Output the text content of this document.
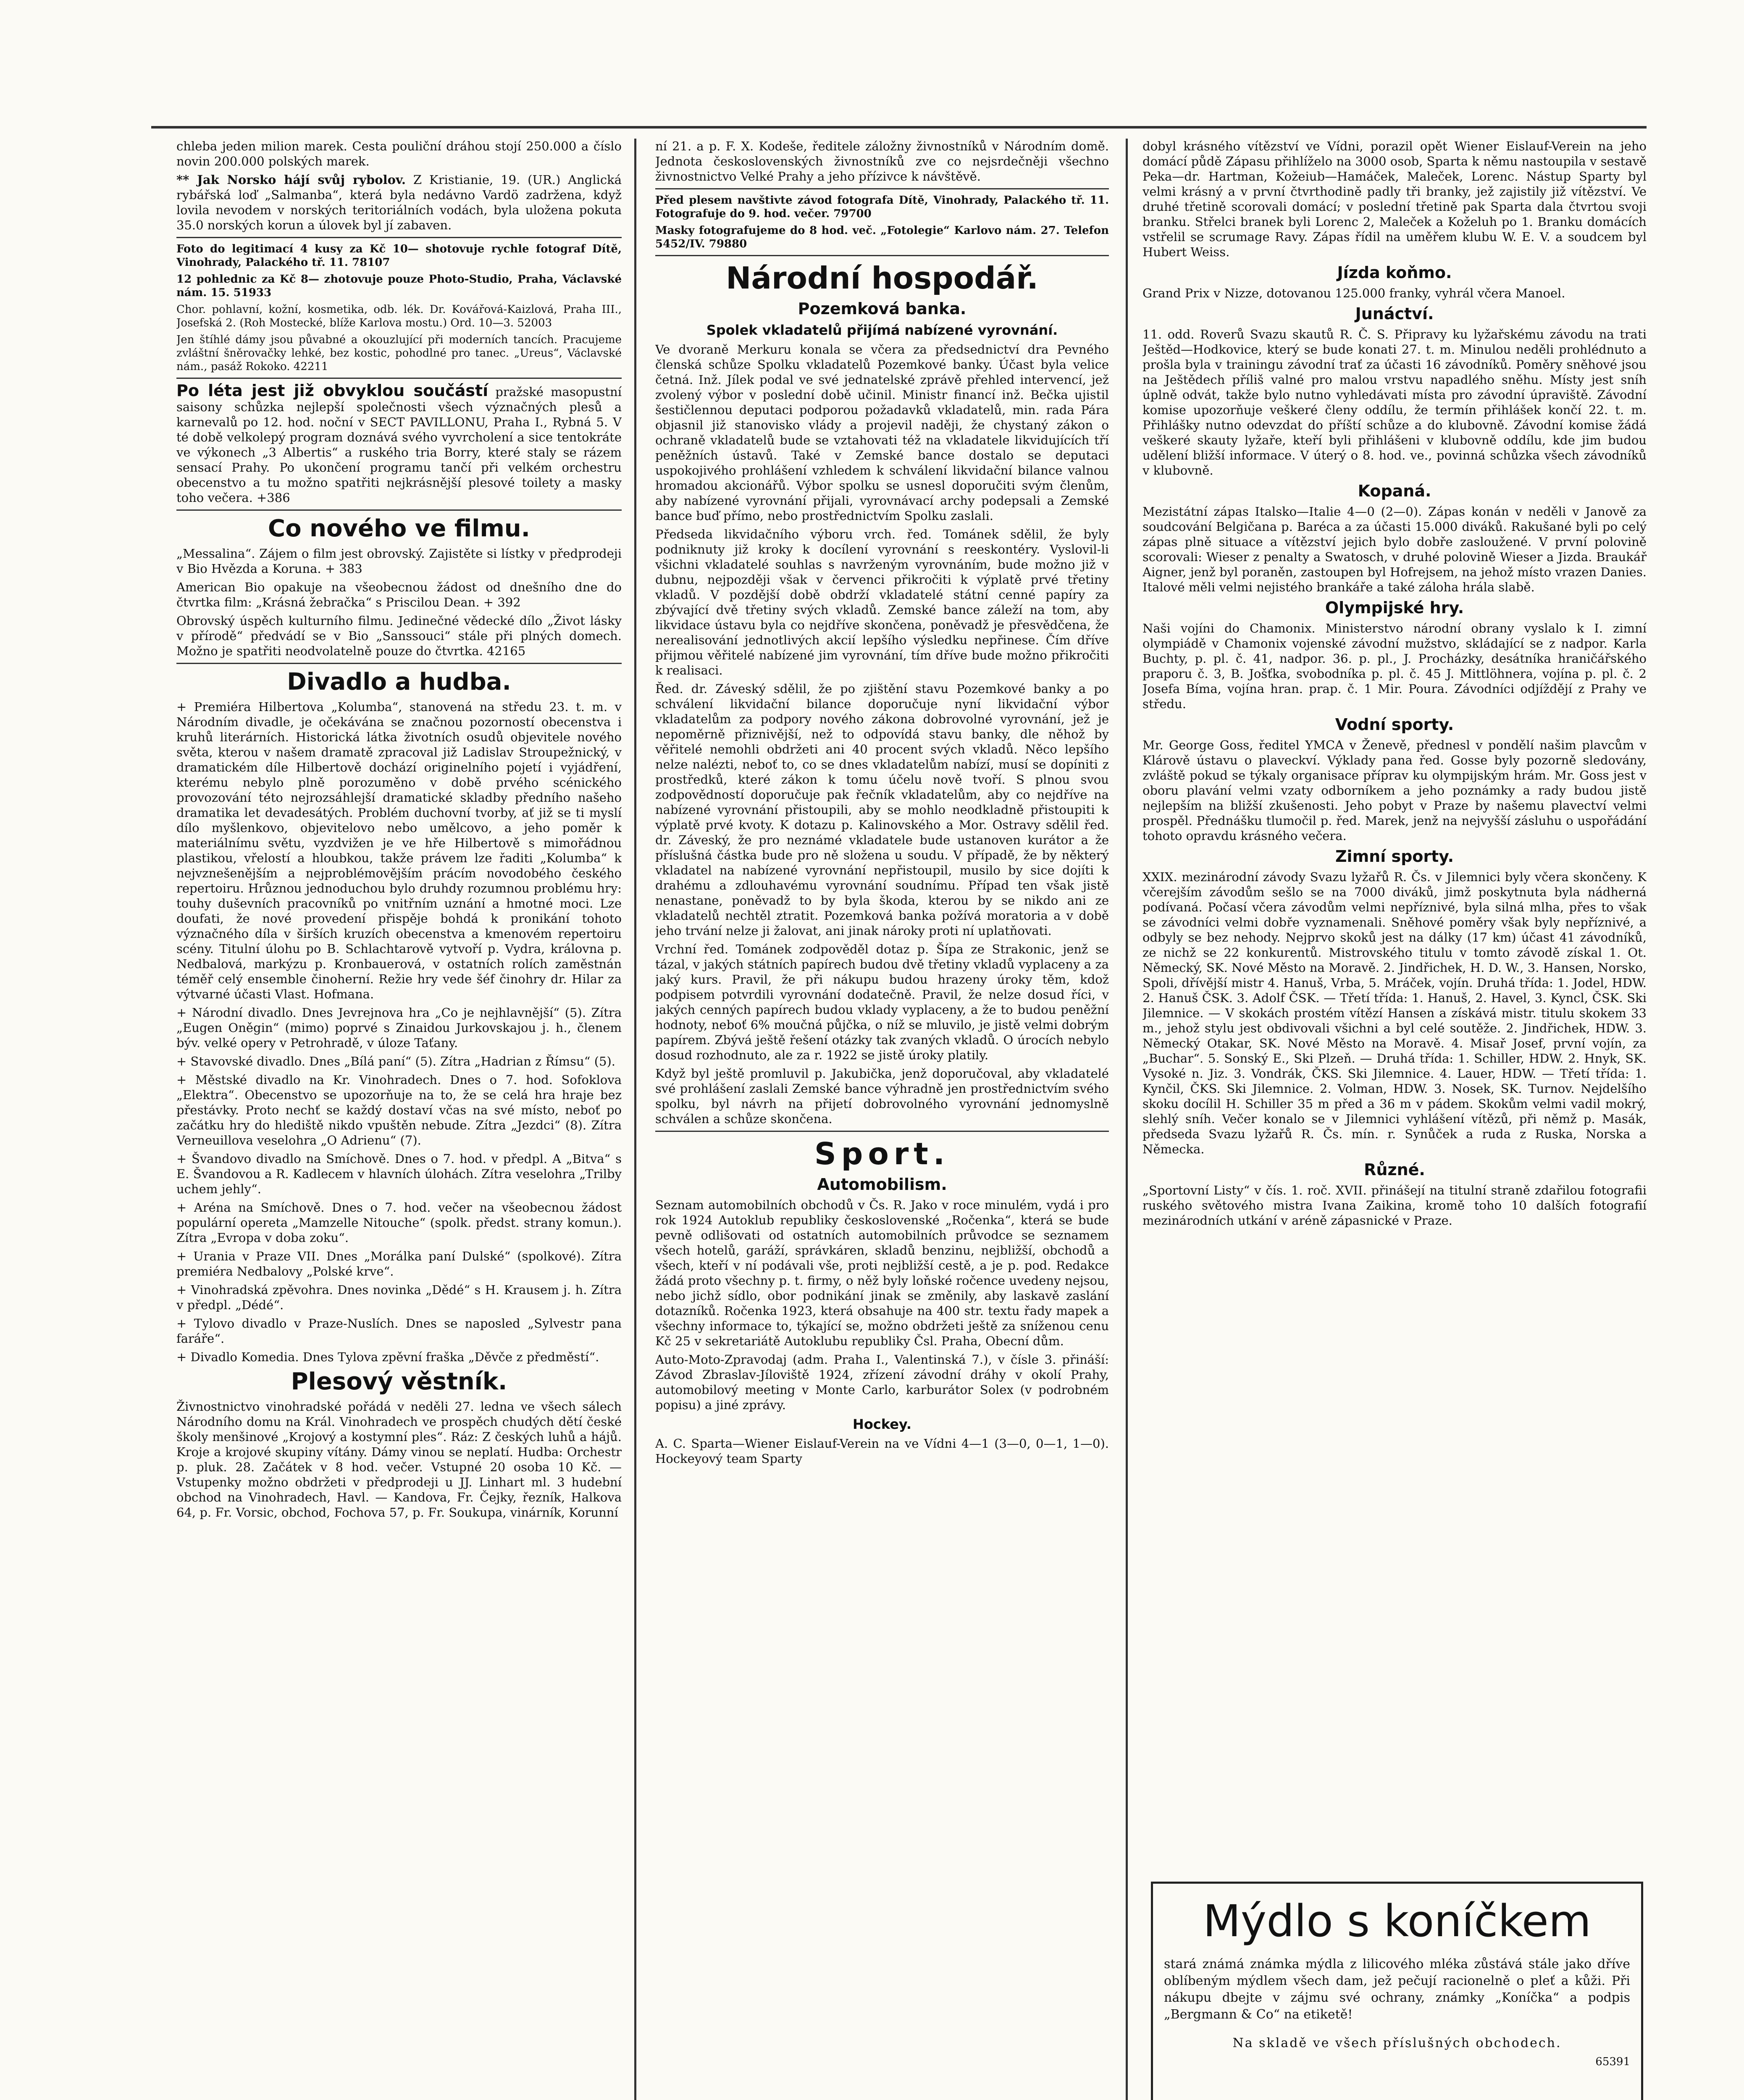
chleba jeden milion marek. Cesta pouliční dráhou stojí 250.000 a číslo novin 200.000 polských marek.

** Jak Norsko hájí svůj rybolov. Z Kristianie, 19. (UR.) Anglická rybářská loď „Salmanba“, která byla nedávno Vardö zadržena, když lovila nevodem v norských teritoriálních vodách, byla uložena pokuta 35.0 norských korun a úlovek byl jí zabaven.

Foto do legitimací 4 kusy za Kč 10— shotovuje rychle fotograf Dítě, Vinohrady, Palackého tř. 11. 78107

12 pohlednic za Kč 8— zhotovuje pouze Photo-Studio, Praha, Václavské nám. 15. 51933

Chor. pohlavní, kožní, kosmetika, odb. lék. Dr. Kovářová-Kaizlová, Praha III., Josefská 2. (Roh Mostecké, blíže Karlova mostu.) Ord. 10—3. 52003

Jen štíhlé dámy jsou půvabné a okouzlující při moderních tancích. Pracujeme zvláštní šněrovačky lehké, bez kostic, pohodlné pro tanec. „Ureus“, Václavské nám., pasáž Rokoko. 42211

Po léta jest již obvyklou součástí pražské masopustní saisony schůzka nejlepší společnosti všech význačných plesů a karnevalů po 12. hod. noční v SECT PAVILLONU, Praha I., Rybná 5. V té době velkolepý program doznává svého vyvrcholení a sice tentokráte ve výkonech „3 Albertis“ a ruského tria Borry, které staly se rázem sensací Prahy. Po ukončení programu tančí při velkém orchestru obecenstvo a tu možno spatřiti nejkrásnější plesové toilety a masky toho večera. +386

Co nového ve filmu.

„Messalina“. Zájem o film jest obrovský. Zajistěte si lístky v předprodeji v Bio Hvězda a Koruna. + 383

American Bio opakuje na všeobecnou žádost od dnešního dne do čtvrtka film: „Krásná žebračka“ s Priscilou Dean. + 392

Obrovský úspěch kulturního filmu. Jedinečné vědecké dílo „Život lásky v přírodě“ předvádí se v Bio „Sanssouci“ stále při plných domech. Možno je spatřiti neodvolatelně pouze do čtvrtka. 42165

Divadlo a hudba.

+ Premiéra Hilbertova „Kolumba“, stanovená na středu 23. t. m. v Národním divadle, je očekávána se značnou pozorností obecenstva i kruhů literárních. Historická látka životních osudů objevitele nového světa, kterou v našem dramatě zpracoval již Ladislav Stroupežnický, v dramatickém díle Hilbertově dochází originelního pojetí i vyjádření, kterému nebylo plně porozuměno v době prvého scénického provozování této nejrozsáhlejší dramatické skladby předního našeho dramatika let devadesátých. Problém duchovní tvorby, ať již se ti myslí dílo myšlenkovo, objevitelovo nebo umělcovo, a jeho poměr k materiálnímu světu, vyzdvižen je ve hře Hilbertově s mimořádnou plastikou, vřelostí a hloubkou, takže právem lze řaditi „Kolumba“ k nejvznešenějším a nejproblémovějším prácím novodobého českého repertoiru. Hrůznou jednoduchou bylo druhdy rozumnou problému hry: touhy duševních pracovníků po vnitřním uznání a hmotné moci. Lze doufati, že nové provedení přispěje bohdá k pronikání tohoto význačného díla v širších kruzích obecenstva a kmenovém repertoiru scény. Titulní úlohu po B. Schlachtarově vytvoří p. Vydra, královna p. Nedbalová, markýzu p. Kronbauerová, v ostatních rolích zaměstnán téměř celý ensemble činoherní. Režie hry vede šéf činohry dr. Hilar za výtvarné účasti Vlast. Hofmana.

+ Národní divadlo. Dnes Jevrejnova hra „Co je nejhlavnější“ (5). Zítra „Eugen Oněgin“ (mimo) poprvé s Zinaidou Jurkovskajou j. h., členem býv. velké opery v Petrohradě, v úloze Taťany.

+ Stavovské divadlo. Dnes „Bílá paní“ (5). Zítra „Hadrian z Římsu“ (5).

+ Městské divadlo na Kr. Vinohradech. Dnes o 7. hod. Sofoklova „Elektra“. Obecenstvo se upozorňuje na to, že se celá hra hraje bez přestávky. Proto nechť se každý dostaví včas na své místo, neboť po začátku hry do hlediště nikdo vpuštěn nebude. Zítra „Jezdci“ (8). Zítra Verneuillova veselohra „O Adrienu“ (7).

+ Švandovo divadlo na Smíchově. Dnes o 7. hod. v předpl. A „Bitva“ s E. Švandovou a R. Kadlecem v hlavních úlohách. Zítra veselohra „Trilby uchem jehly“.

+ Aréna na Smíchově. Dnes o 7. hod. večer na všeobecnou žádost populární opereta „Mamzelle Nitouche“ (spolk. předst. strany komun.). Zítra „Evropa v doba zoku“.

+ Urania v Praze VII. Dnes „Morálka paní Dulské“ (spolkové). Zítra premiéra Nedbalovy „Polské krve“.

+ Vinohradská zpěvohra. Dnes novinka „Dědé“ s H. Krausem j. h. Zítra v předpl. „Dédé“.

+ Tylovo divadlo v Praze-Nuslích. Dnes se naposled „Sylvestr pana faráře“.

+ Divadlo Komedia. Dnes Tylova zpěvní fraška „Děvče z předměstí“.

Plesový věstník.

Živnostnictvo vinohradské pořádá v neděli 27. ledna ve všech sálech Národního domu na Král. Vinohradech ve prospěch chudých dětí české školy menšinové „Krojový a kostymní ples“. Ráz: Z českých luhů a hájů. Kroje a krojové skupiny vítány. Dámy vinou se neplatí. Hudba: Orchestr p. pluk. 28. Začátek v 8 hod. večer. Vstupné 20 osoba 10 Kč. — Vstupenky možno obdržeti v předprodeji u JJ. Linhart ml. 3 hudební obchod na Vinohradech, Havl. — Kandova, Fr. Čejky, řezník, Halkova 64, p. Fr. Vorsic, obchod, Fochova 57, p. Fr. Soukupa, vinárník, Korunní

ní 21. a p. F. X. Kodeše, ředitele záložny živnostníků v Národním domě. Jednota československých živnostníků zve co nejsrdečněji všechno živnostnictvo Velké Prahy a jeho přízivce k návštěvě.

Před plesem navštivte závod fotografa Dítě, Vinohrady, Palackého tř. 11. Fotografuje do 9. hod. večer. 79700

Masky fotografujeme do 8 hod. več. „Fotolegie“ Karlovo nám. 27. Telefon 5452/IV. 79880

Národní hospodář.
Pozemková banka.
Spolek vkladatelů přijímá nabízené vyrovnání.

Ve dvoraně Merkuru konala se včera za předsednictví dra Pevného členská schůze Spolku vkladatelů Pozemkové banky. Účast byla velice četná. Inž. Jílek podal ve své jednatelské zprávě přehled intervencí, jež zvolený výbor v poslední době učinil. Ministr financí inž. Bečka ujistil šestičlennou deputaci podporou požadavků vkladatelů, min. rada Pára objasnil již stanovisko vlády a projevil naději, že chystaný zákon o ochraně vkladatelů bude se vztahovati též na vkladatele likvidujících tří peněžních ústavů. Také v Zemské bance dostalo se deputaci uspokojivého prohlášení vzhledem k schválení likvidační bilance valnou hromadou akcionářů. Výbor spolku se usnesl doporučiti svým členům, aby nabízené vyrovnání přijali, vyrovnávací archy podepsali a Zemské bance buď přímo, nebo prostřednictvím Spolku zaslali.

Předseda likvidačního výboru vrch. řed. Tománek sdělil, že byly podniknuty již kroky k docílení vyrovnání s reeskontéry. Vyslovil-li všichni vkladatelé souhlas s navrženým vyrovnáním, bude možno již v dubnu, nejpozději však v červenci přikročiti k výplatě prvé třetiny vkladů. V pozdější době obdrží vkladatelé státní cenné papíry za zbývající dvě třetiny svých vkladů. Zemské bance záleží na tom, aby likvidace ústavu byla co nejdříve skončena, poněvadž je přesvědčena, že nerealisování jednotlivých akcií lepšího výsledku nepřinese. Čím dříve přijmou věřitelé nabízené jim vyrovnání, tím dříve bude možno přikročiti k realisaci.

Řed. dr. Záveský sdělil, že po zjištění stavu Pozemkové banky a po schválení likvidační bilance doporučuje nyní likvidační výbor vkladatelům za podpory nového zákona dobrovolné vyrovnání, jež je nepoměrně přiznivější, než to odpovídá stavu banky, dle něhož by věřitelé nemohli obdržeti ani 40 procent svých vkladů. Něco lepšího nelze nalézti, neboť to, co se dnes vkladatelům nabízí, musí se dopíniti z prostředků, které zákon k tomu účelu nově tvoří. S plnou svou zodpovědností doporučuje pak řečník vkladatelům, aby co nejdříve na nabízené vyrovnání přistoupili, aby se mohlo neodkladně přistoupiti k výplatě prvé kvoty. K dotazu p. Kalinovského a Mor. Ostravy sdělil řed. dr. Záveský, že pro neznámé vkladatele bude ustanoven kurátor a že příslušná částka bude pro ně složena u soudu. V případě, že by některý vkladatel na nabízené vyrovnání nepřistoupil, musilo by sice dojíti k drahému a zdlouhavému vyrovnání soudnímu. Případ ten však jistě nenastane, poněvadž to by byla škoda, kterou by se nikdo ani ze vkladatelů nechtěl ztratit. Pozemková banka požívá moratoria a v době jeho trvání nelze ji žalovat, ani jinak nároky proti ní uplatňovati.

Vrchní řed. Tománek zodpověděl dotaz p. Šípa ze Strakonic, jenž se tázal, v jakých státních papírech budou dvě třetiny vkladů vyplaceny a za jaký kurs. Pravil, že při nákupu budou hrazeny úroky těm, kdož podpisem potvrdili vyrovnání dodatečně. Pravil, že nelze dosud říci, v jakých cenných papírech budou vklady vyplaceny, a že to budou peněžní hodnoty, neboť 6% moučná půjčka, o níž se mluvilo, je jistě velmi dobrým papírem. Zbývá ještě řešení otázky tak zvaných vkladů. O úrocích nebylo dosud rozhodnuto, ale za r. 1922 se jistě úroky platily.

Když byl ještě promluvil p. Jakubička, jenž doporučoval, aby vkladatelé své prohlášení zaslali Zemské bance výhradně jen prostřednictvím svého spolku, byl návrh na přijetí dobrovolného vyrovnání jednomyslně schválen a schůze skončena.

Sport.
Automobilism.

Seznam automobilních obchodů v Čs. R. Jako v roce minulém, vydá i pro rok 1924 Autoklub republiky československé „Ročenka“, která se bude pevně odlišovati od ostatních automobilních průvodce se seznamem všech hotelů, garáží, správkáren, skladů benzinu, nejbližší, obchodů a všech, kteří v ní podávali vše, proti nejbližší cestě, a je p. pod. Redakce žádá proto všechny p. t. firmy, o něž byly loňské ročence uvedeny nejsou, nebo jichž sídlo, obor podnikání jinak se změnily, aby laskavě zaslání dotazníků. Ročenka 1923, která obsahuje na 400 str. textu řady mapek a všechny informace to, týkající se, možno obdržeti ještě za sníženou cenu Kč 25 v sekretariátě Autoklubu republiky Čsl. Praha, Obecní dům.

Auto-Moto-Zpravodaj (adm. Praha I., Valentinská 7.), v čísle 3. přináší: Závod Zbraslav-Jíloviště 1924, zřízení závodní dráhy v okolí Prahy, automobilový meeting v Monte Carlo, karburátor Solex (v podrobném popisu) a jiné zprávy.

Hockey.

A. C. Sparta—Wiener Eislauf-Verein na ve Vídni 4—1 (3—0, 0—1, 1—0). Hockeyový team Sparty

dobyl krásného vítězství ve Vídni, porazil opět Wiener Eislauf-Verein na jeho domácí půdě Zápasu přihlíželo na 3000 osob, Sparta k němu nastoupila v sestavě Peka—dr. Hartman, Kožeiub—Hamáček, Maleček, Lorenc. Nástup Sparty byl velmi krásný a v první čtvrthodině padly tři branky, jež zajistily již vítězství. Ve druhé třetině scorovali domácí; v poslední třetině pak Sparta dala čtvrtou svoji branku. Střelci branek byli Lorenc 2, Maleček a Koželuh po 1. Branku domácích vstřelil se scrumage Ravy. Zápas řídil na uměřem klubu W. E. V. a soudcem byl Hubert Weiss.

Jízda koňmo.

Grand Prix v Nizze, dotovanou 125.000 franky, vyhrál včera Manoel.

Junáctví.

11. odd. Roverů Svazu skautů R. Č. S. Připravy ku lyžařskému závodu na trati Ještěd—Hodkovice, který se bude konati 27. t. m. Minulou neděli prohlédnuto a prošla byla v trainingu závodní trať za účasti 16 závodníků. Poměry sněhové jsou na Ještědech příliš valné pro malou vrstvu napadlého sněhu. Místy jest sníh úplně odvát, takže bylo nutno vyhledávati místa pro závodní úpraviště. Závodní komise upozorňuje veškeré členy oddílu, že termín přihlášek končí 22. t. m. Přihlášky nutno odevzdat do příští schůze a do klubovně. Závodní komise žádá veškeré skauty lyžaře, kteří byli přihlášeni v klubovně oddílu, kde jim budou udělení bližší informace. V úterý o 8. hod. ve., povinná schůzka všech závodníků v klubovně.

Kopaná.

Mezistátní zápas Italsko—Italie 4—0 (2—0). Zápas konán v neděli v Janově za soudcování Belgičana p. Baréca a za účasti 15.000 diváků. Rakušané byli po celý zápas plně situace a vítězství jejich bylo dobře zasloužené. V první polovině scorovali: Wieser z penalty a Swatosch, v druhé polovině Wieser a Jizda. Braukář Aigner, jenž byl poraněn, zastoupen byl Hofrejsem, na jehož místo vrazen Danies. Italové měli velmi nejistého brankáře a také záloha hrála slabě.

Olympijské hry.

Naši vojíni do Chamonix. Ministerstvo národní obrany vyslalo k I. zimní olympiádě v Chamonix vojenské závodní mužstvo, skládající se z nadpor. Karla Buchty, p. pl. č. 41, nadpor. 36. p. pl., J. Procházky, desátníka hraničářského praporu č. 3, B. Jošťka, svobodníka p. pl. č. 45 J. Mittlöhnera, vojína p. pl. č. 2 Josefa Bíma, vojína hran. prap. č. 1 Mir. Poura. Závodníci odjíždějí z Prahy ve středu.

Vodní sporty.

Mr. George Goss, ředitel YMCA v Ženevě, přednesl v pondělí našim plavcům v Klárově ústavu o plaveckví. Výklady pana řed. Gosse byly pozorně sledovány, zvláště pokud se týkaly organisace příprav ku olympijským hrám. Mr. Goss jest v oboru plavání velmi vzaty odborníkem a jeho poznámky a rady budou jistě nejlepším na bližší zkušenosti. Jeho pobyt v Praze by našemu plavectví velmi prospěl. Přednášku tlumočil p. řed. Marek, jenž na nejvyšší zásluhu o uspořádání tohoto opravdu krásného večera.

Zimní sporty.

XXIX. mezinárodní závody Svazu lyžařů R. Čs. v Jilemnici byly včera skončeny. K včerejším závodům sešlo se na 7000 diváků, jimž poskytnuta byla nádherná podívaná. Počasí včera závodům velmi nepříznivé, byla silná mlha, přes to však se závodníci velmi dobře vyznamenali. Sněhové poměry však byly nepříznivé, a odbyly se bez nehody. Nejprvo skoků jest na dálky (17 km) účast 41 závodníků, ze nichž se 22 konkurentů. Mistrovského titulu v tomto závodě získal 1. Ot. Německý, SK. Nové Město na Moravě. 2. Jindřichek, H. D. W., 3. Hansen, Norsko, Spoli, dřívější mistr 4. Hanuš, Vrba, 5. Mráček, vojín. Druhá třída: 1. Jodel, HDW. 2. Hanuš ČSK. 3. Adolf ČSK. — Třetí třída: 1. Hanuš, 2. Havel, 3. Kyncl, ČSK. Ski Jilemnice. — V skokách prostém vítězí Hansen a získává mistr. titulu skokem 33 m., jehož stylu jest obdivovali všichni a byl celé soutěže. 2. Jindřichek, HDW. 3. Německý Otakar, SK. Nové Město na Moravě. 4. Misař Josef, první vojín, za „Buchar“. 5. Sonský E., Ski Plzeň. — Druhá třída: 1. Schiller, HDW. 2. Hnyk, SK. Vysoké n. Jiz. 3. Vondrák, ČKS. Ski Jilemnice. 4. Lauer, HDW. — Třetí třída: 1. Kynčil, ČKS. Ski Jilemnice. 2. Volman, HDW. 3. Nosek, SK. Turnov. Nejdelšího skoku docílil H. Schiller 35 m před a 36 m v pádem. Skokům velmi vadil mokrý, slehlý sníh. Večer konalo se v Jilemnici vyhlášení vítězů, při němž p. Masák, předseda Svazu lyžařů R. Čs. mín. r. Synůček a ruda z Ruska, Norska a Německa.

Různé.

„Sportovní Listy“ v čís. 1. roč. XVII. přinášejí na titulní straně zdařilou fotografii ruského světového mistra Ivana Zaikina, kromě toho 10 dalších fotografií mezinárodních utkání v aréně zápasnické v Praze.

Mýdlo s koníčkem

stará známá známka mýdla z lilicového mléka zůstává stále jako dříve oblíbeným mýdlem všech dam, jež pečují racionelně o pleť a kůži. Při nákupu dbejte v zájmu své ochrany, známky „Koníčka“ a podpis „Bergmann & Co“ na etiketě!

Na skladě ve všech příslušných obchodech.

65391
